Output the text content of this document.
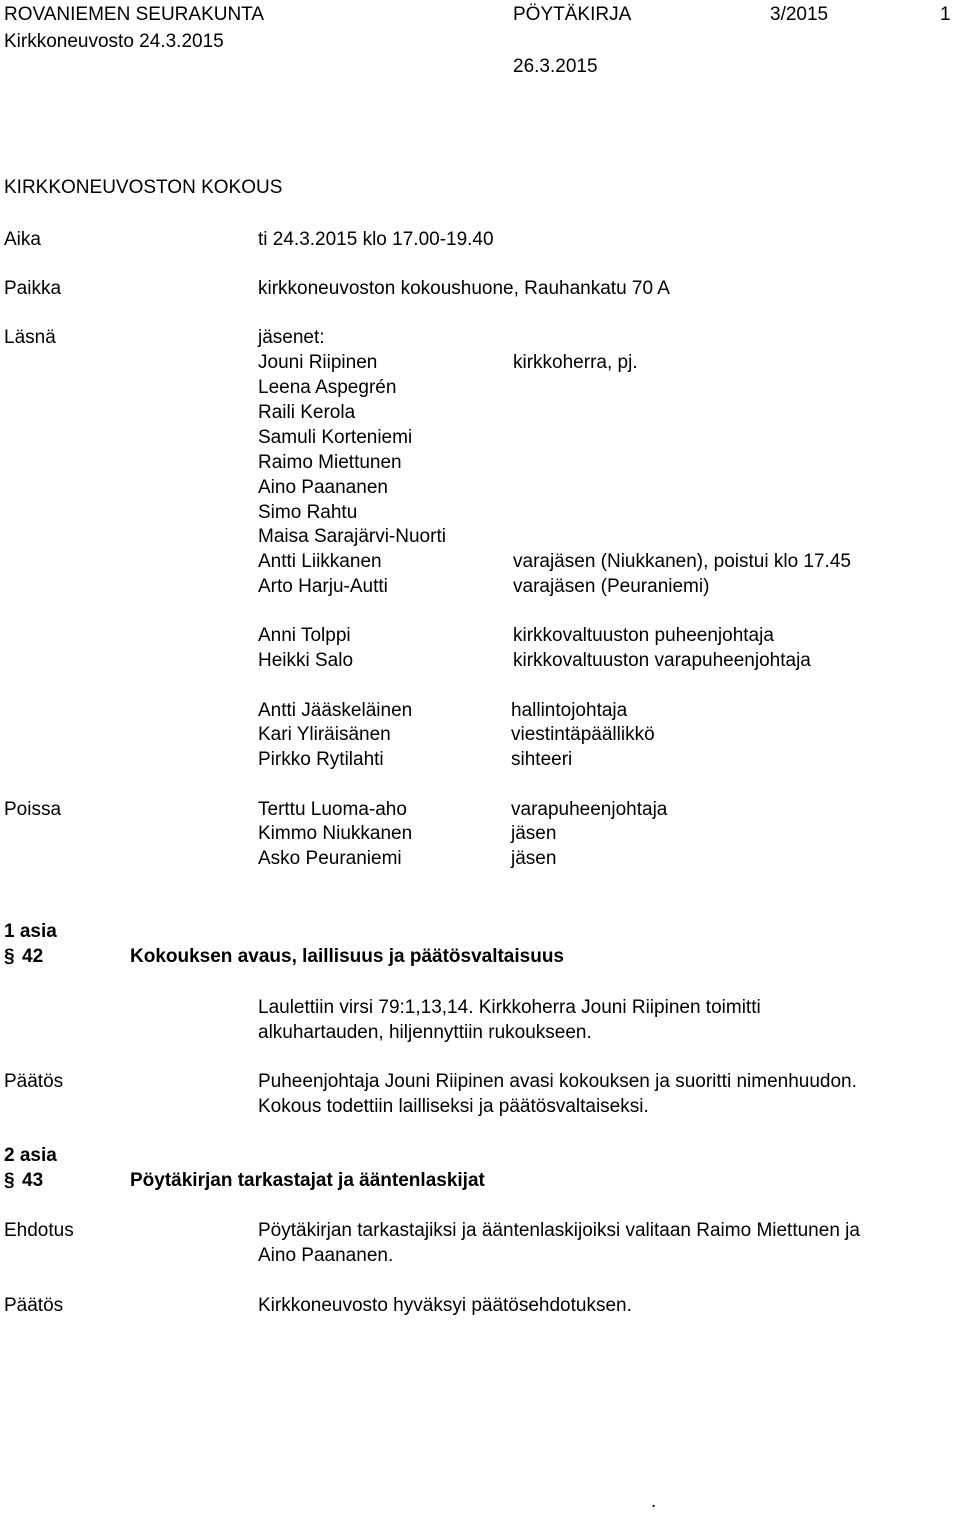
ROVANIEMEN SEURAKUNTA	PÖYTÄKIRJA	3/2015	1
Kirkkoneuvosto 24.3.2015
26.3.2015
KIRKKONEUVOSTON KOKOUS
Aika	ti 24.3.2015 klo 17.00-19.40
Paikka	kirkkoneuvoston kokoushuone, Rauhankatu 70 A
Läsnä	jäsenet:
Jouni Riipinen	kirkkoherra, pj.
Leena Aspegrén
Raili Kerola
Samuli Korteniemi
Raimo Miettunen
Aino Paananen
Simo Rahtu
Maisa Sarajärvi-Nuorti
Antti Liikkanen	varajäsen (Niukkanen), poistui klo 17.45
Arto Harju-Autti	varajäsen (Peuraniemi)
Anni Tolppi	kirkkovaltuuston puheenjohtaja
Heikki Salo	kirkkovaltuuston varapuheenjohtaja
Antti Jääskeläinen	hallintojohtaja
Kari Yliräisänen	viestintäpäällikkö
Pirkko Rytilahti	sihteeri
Poissa	Terttu Luoma-aho	varapuheenjohtaja
Kimmo Niukkanen	jäsen
Asko Peuraniemi	jäsen
1 asia
§ 42	Kokouksen avaus, laillisuus ja päätösvaltaisuus
Laulettiin virsi 79:1,13,14. Kirkkoherra Jouni Riipinen toimitti
alkuhartauden, hiljennyttiin rukoukseen.
Päätös	Puheenjohtaja Jouni Riipinen avasi kokouksen ja suoritti nimenhuudon.
Kokous todettiin lailliseksi ja päätösvaltaiseksi.
2 asia
§ 43	Pöytäkirjan tarkastajat ja ääntenlaskijat
Ehdotus	Pöytäkirjan tarkastajiksi ja ääntenlaskijoiksi valitaan Raimo Miettunen ja
Aino Paananen.
Päätös	Kirkkoneuvosto hyväksyi päätösehdotuksen.
.
